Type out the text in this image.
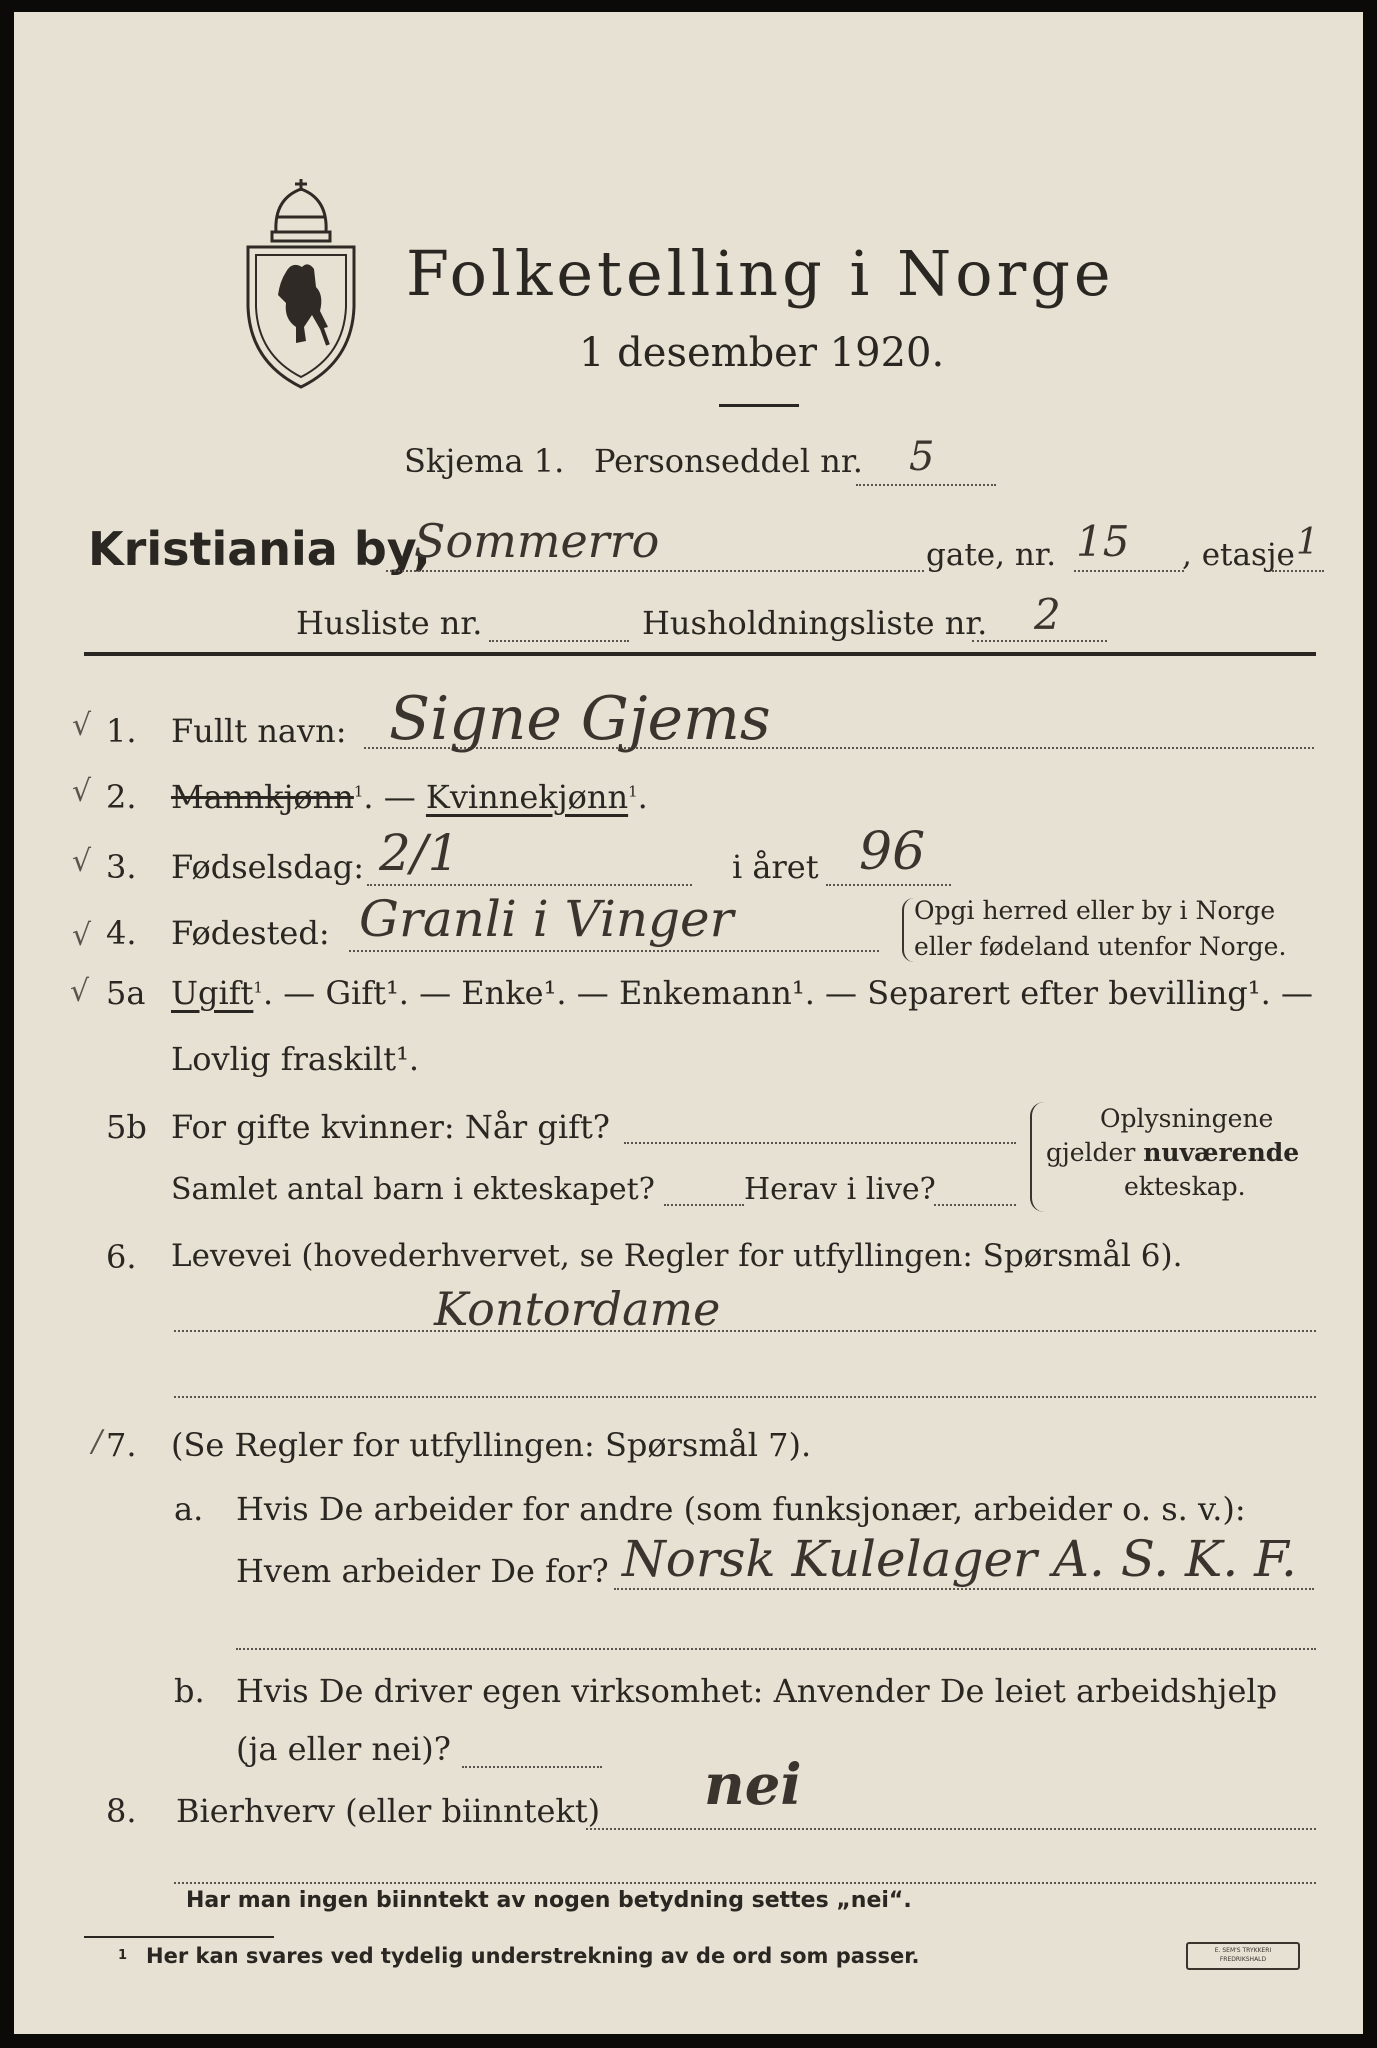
Folketelling i Norge
1 desember 1920.
Skjema 1. Personseddel nr. 5
Kristiania by,
Sommerro	gate, nr. 15 , etasje 1
Husliste nr.	Husholdningsliste nr. 2
√ 1. Fullt navn: Signe Gjems
√ 2. Mannkjønn$^1$. — Kvinnekjønn$^1$.
√ 3. Fødselsdag: 2/1	i året 96
√ 4. Fødested: Granli i Vinger	Opgi herred eller by i Norge
eller fødeland utenfor Norge.
√ 5a Ugift$^1$. — Gift¹. — Enke¹. — Enkemann¹. — Separert efter bevilling¹. —
Lovlig fraskilt¹.
5b For gifte kvinner: Når gift?
Samlet antal barn i ekteskapet?	Herav i live?
Oplysningene
gjelder nuværende
ekteskap.
6. Levevei (hovederhvervet, se Regler for utfyllingen: Spørsmål 6).
Kontordame
/ 7. (Se Regler for utfyllingen: Spørsmål 7).
a. Hvis De arbeider for andre (som funksjonær, arbeider o. s. v.):
Hvem arbeider De for? Norsk Kulelager A. S. K. F.
b. Hvis De driver egen virksomhet: Anvender De leiet arbeidshjelp
(ja eller nei)?
8. Bierhverv (eller biinntekt) nei
Har man ingen biinntekt av nogen betydning settes „nei“.
1 Her kan svares ved tydelig understrekning av de ord som passer.	E. SEM'S TRYKKERI
FREDRIKSHALD
